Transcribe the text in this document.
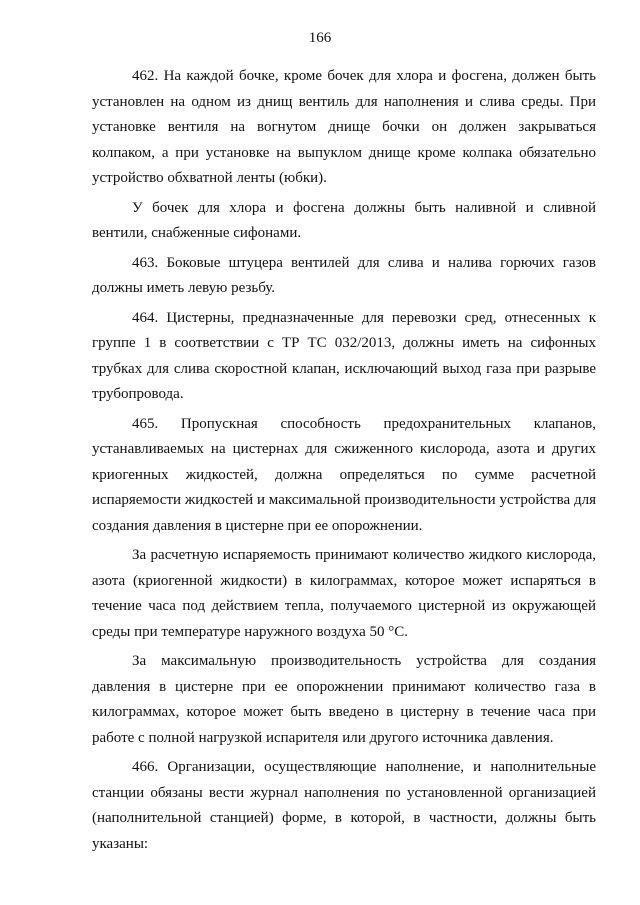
166

462. На каждой бочке, кроме бочек для хлора и фосгена, должен быть установлен на одном из днищ вентиль для наполнения и слива среды. При установке вентиля на вогнутом днище бочки он должен закрываться колпаком, а при установке на выпуклом днище кроме колпака обязательно устройство обхватной ленты (юбки).

У бочек для хлора и фосгена должны быть наливной и сливной вентили, снабженные сифонами.

463. Боковые штуцера вентилей для слива и налива горючих газов должны иметь левую резьбу.

464. Цистерны, предназначенные для перевозки сред, отнесенных к группе 1 в соответствии с ТР ТС 032/2013, должны иметь на сифонных трубках для слива скоростной клапан, исключающий выход газа при разрыве трубопровода.

465. Пропускная способность предохранительных клапанов, устанавливаемых на цистернах для сжиженного кислорода, азота и других криогенных жидкостей, должна определяться по сумме расчетной испаряемости жидкостей и максимальной производительности устройства для создания давления в цистерне при ее опорожнении.

За расчетную испаряемость принимают количество жидкого кислорода, азота (криогенной жидкости) в килограммах, которое может испаряться в течение часа под действием тепла, получаемого цистерной из окружающей среды при температуре наружного воздуха 50 °С.

За максимальную производительность устройства для создания давления в цистерне при ее опорожнении принимают количество газа в килограммах, которое может быть введено в цистерну в течение часа при работе с полной нагрузкой испарителя или другого источника давления.

466. Организации, осуществляющие наполнение, и наполнительные станции обязаны вести журнал наполнения по установленной организацией (наполнительной станцией) форме, в которой, в частности, должны быть указаны:
